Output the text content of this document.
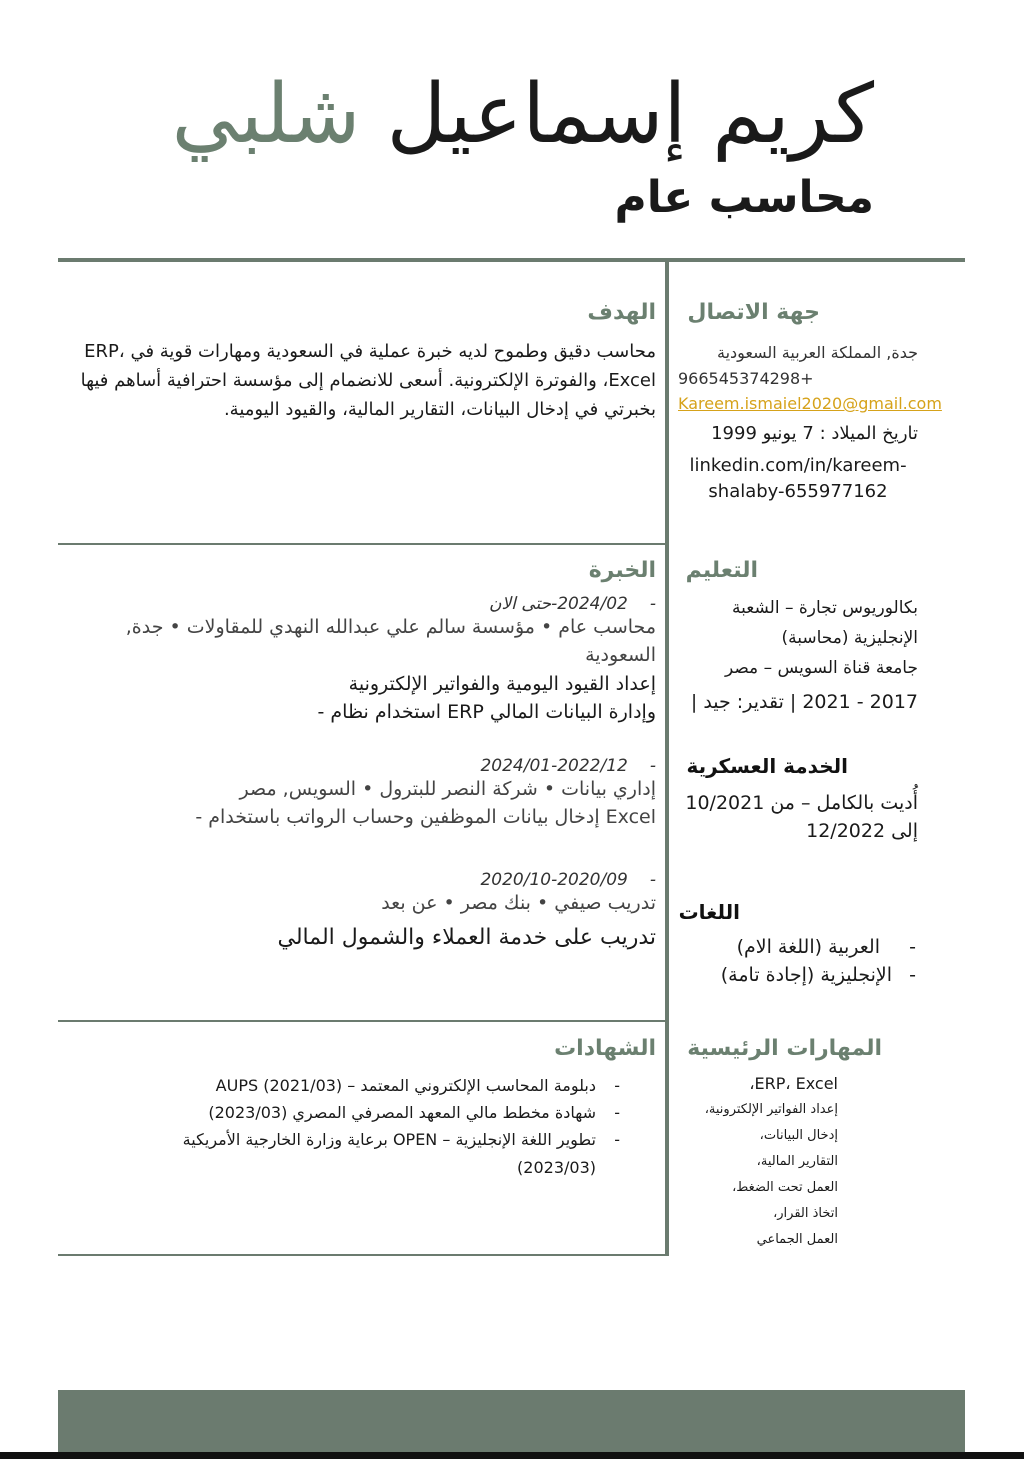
كريم إسماعيل شلبي
محاسب عام
جهة الاتصال
جدة, المملكة العربية السعودية
966545374298+
Kareem.ismaiel2020@gmail.com
تاريخ الميلاد : 7 يونيو 1999
linkedin.com/in/kareem-shalaby-655977162
التعليم
بكالوريوس تجارة – الشعبة الإنجليزية (محاسبة)
جامعة قناة السويس – مصر
2017 - 2021 | تقدير: جيد |
الخدمة العسكرية
أُديت بالكامل – من 10/2021 إلى 12/2022
اللغات
- العربية (اللغة الام)
- الإنجليزية (إجادة تامة)
المهارات الرئيسية
ERP، Excel،
إعداد الفواتير الإلكترونية،
إدخال البيانات،
التقارير المالية،
العمل تحت الضغط،
اتخاذ القرار،
العمل الجماعي
الهدف
محاسب دقيق وطموح لديه خبرة عملية في السعودية ومهارات قوية في ERP، Excel، والفوترة الإلكترونية. أسعى للانضمام إلى مؤسسة احترافية أساهم فيها بخبرتي في إدخال البيانات، التقارير المالية، والقيود اليومية.
الخبرة
-2024/02-حتى الان
محاسب عام • مؤسسة سالم علي عبدالله النهدي للمقاولات • جدة, السعودية
إعداد القيود اليومية والفواتير الإلكترونية
وإدارة البيانات المالي ERP استخدام نظام -
-2024/01-2022/12
إداري بيانات • شركة النصر للبترول • السويس, مصر
Excel إدخال بيانات الموظفين وحساب الرواتب باستخدام -
-2020/10-2020/09
تدريب صيفي • بنك مصر • عن بعد
تدريب على خدمة العملاء والشمول المالي
الشهادات
- دبلومة المحاسب الإلكتروني المعتمد – AUPS (2021/03)
- شهادة مخطط مالي المعهد المصرفي المصري (2023/03)
- تطوير اللغة الإنجليزية – OPEN برعاية وزارة الخارجية الأمريكية (2023/03)
